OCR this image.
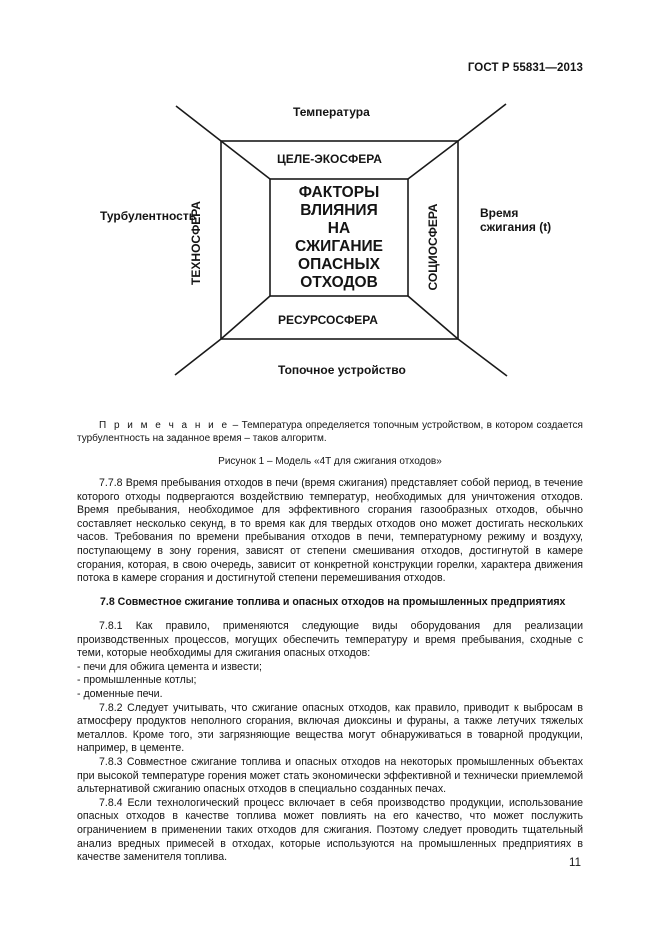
ГОСТ Р 55831—2013
Температура
Топочное устройство
Турбулентность	Время
сжигания (t)
ЦЕЛЕ-ЭКОСФЕРА
РЕСУРСОСФЕРА
ТЕХНОСФЕРА	СОЦИОСФЕРА
ФАКТОРЫ
ВЛИЯНИЯ
НА
СЖИГАНИЕ
ОПАСНЫХ
ОТХОДОВ
П р и м е ч а н и е – Температура определяется топочным устройством, в котором создается турбулентность на заданное время – таков алгоритм.
Рисунок 1 – Модель «4T для сжигания отходов»

7.7.8 Время пребывания отходов в печи (время сжигания) представляет собой период, в течение которого отходы подвергаются воздействию температур, необходимых для уничтожения отходов. Время пребывания, необходимое для эффективного сгорания газообразных отходов, обычно составляет несколько секунд, в то время как для твердых отходов оно может достигать нескольких часов. Требования по времени пребывания отходов в печи, температурному режиму и воздуху, поступающему в зону горения, зависят от степени смешивания отходов, достигнутой в камере сгорания, которая, в свою очередь, зависит от конкретной конструкции горелки, характера движения потока в камере сгорания и достигнутой степени перемешивания отходов.

7.8 Совместное сжигание топлива и опасных отходов на промышленных предприятиях

7.8.1 Как правило, применяются следующие виды оборудования для реализации производственных процессов, могущих обеспечить температуру и время пребывания, сходные с теми, которые необходимы для сжигания опасных отходов:

- печи для обжига цемента и извести;

- промышленные котлы;

- доменные печи.

7.8.2 Следует учитывать, что сжигание опасных отходов, как правило, приводит к выбросам в атмосферу продуктов неполного сгорания, включая диоксины и фураны, а также летучих тяжелых металлов. Кроме того, эти загрязняющие вещества могут обнаруживаться в товарной продукции, например, в цементе.

7.8.3 Совместное сжигание топлива и опасных отходов на некоторых промышленных объектах при высокой температуре горения может стать экономически эффективной и технически приемлемой альтернативой сжиганию опасных отходов в специально созданных печах.

7.8.4 Если технологический процесс включает в себя производство продукции, использование опасных отходов в качестве топлива может повлиять на его качество, что может послужить ограничением в применении таких отходов для сжигания. Поэтому следует проводить тщательный анализ вредных примесей в отходах, которые используются на промышленных предприятиях в качестве заменителя топлива.	11
